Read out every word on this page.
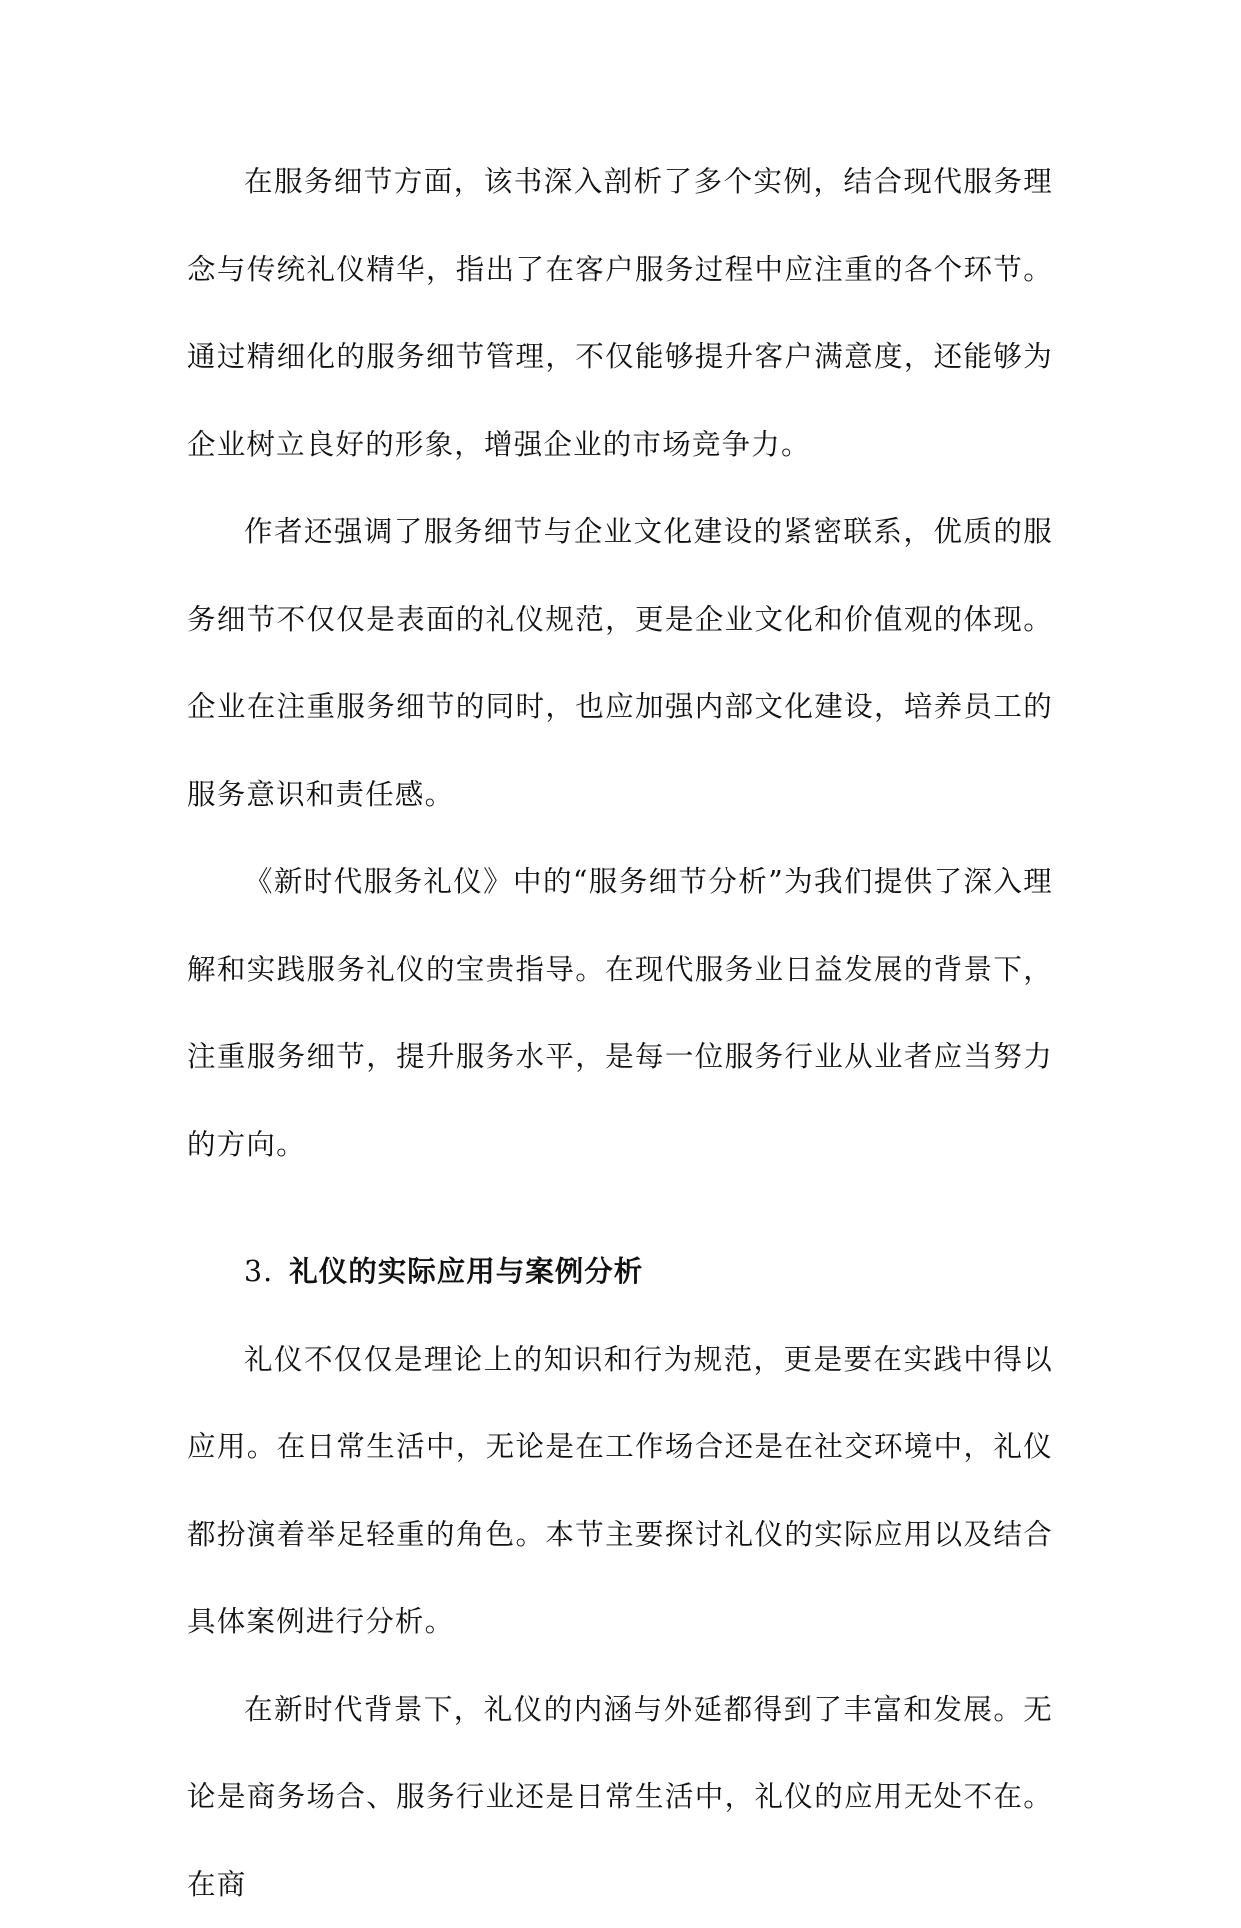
在服务细节方面，该书深入剖析了多个实例，结合现代服务理念与传统礼仪精华，指出了在客户服务过程中应注重的各个环节。通过精细化的服务细节管理，不仅能够提升客户满意度，还能够为企业树立良好的形象，增强企业的市场竞争力。

作者还强调了服务细节与企业文化建设的紧密联系，优质的服务细节不仅仅是表面的礼仪规范，更是企业文化和价值观的体现。企业在注重服务细节的同时，也应加强内部文化建设，培养员工的服务意识和责任感。

《新时代服务礼仪》中的“服务细节分析”为我们提供了深入理解和实践服务礼仪的宝贵指导。在现代服务业日益发展的背景下，注重服务细节，提升服务水平，是每一位服务行业从业者应当努力的方向。

3. 礼仪的实际应用与案例分析

礼仪不仅仅是理论上的知识和行为规范，更是要在实践中得以应用。在日常生活中，无论是在工作场合还是在社交环境中，礼仪都扮演着举足轻重的角色。本节主要探讨礼仪的实际应用以及结合具体案例进行分析。

在新时代背景下，礼仪的内涵与外延都得到了丰富和发展。无论是商务场合、服务行业还是日常生活中，礼仪的应用无处不在。在商
